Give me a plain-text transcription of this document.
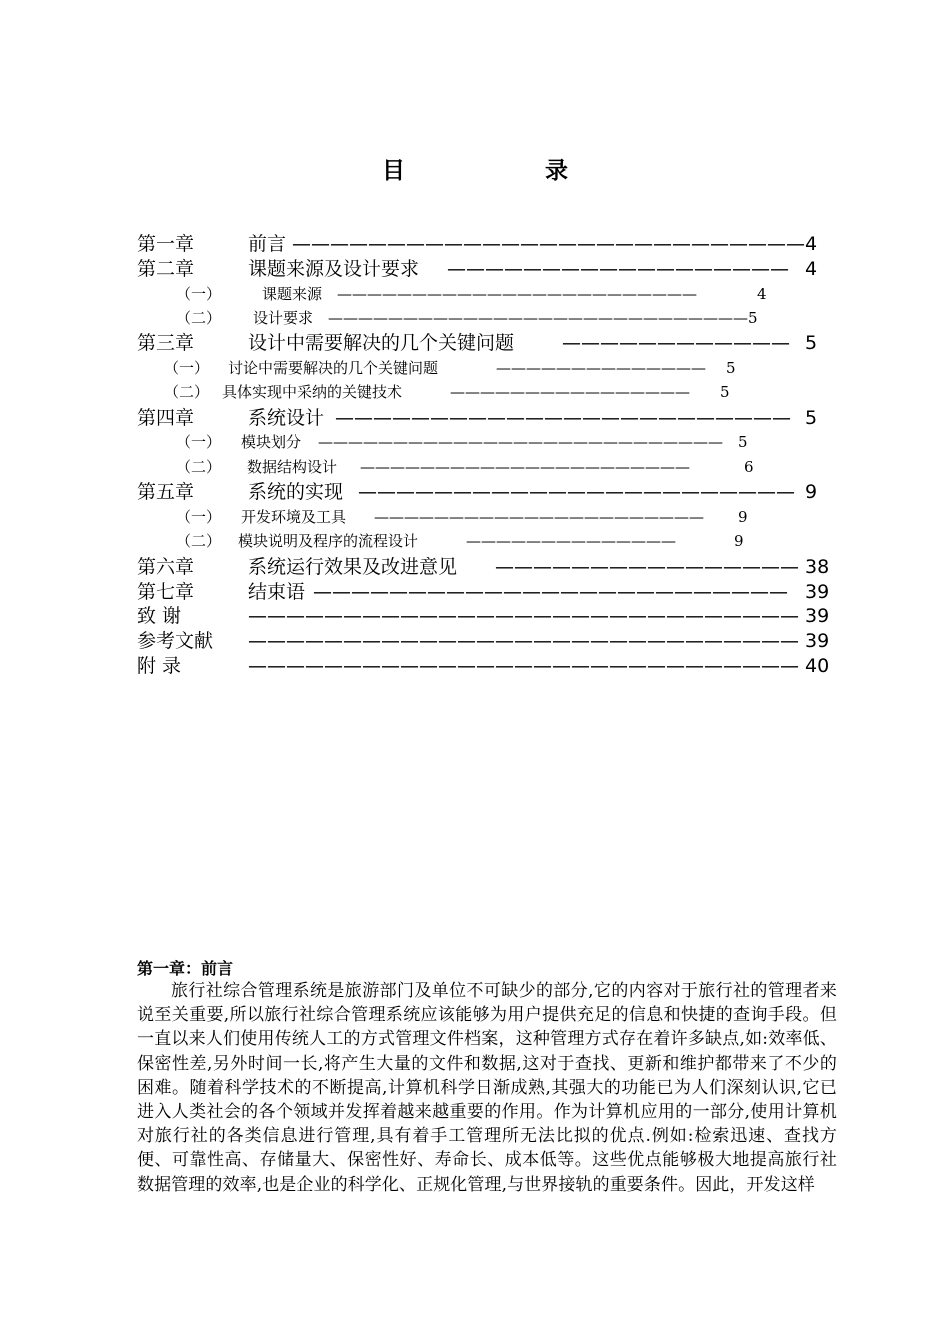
目 录
第一章	前言 ——————————————————————————— 4
第二章	课题来源及设计要求 —————————————————— 4
（一）	课题来源 ————————————————————————	4
（二） 设计要求 ———————————————————————————— 5
第三章	设计中需要解决的几个关键问题	———————————— 5
（一） 讨论中需要解决的几个关键问题	—————————————— 5
（二） 具体实现中采纳的关键技术	———————————————— 5
第四章	系统设计 ———————————————————————— 5
（一） 模块划分 ——————————————————————————— 5
（二） 数据结构设计 ——————————————————————	6
第五章	系统的实现 ——————————————————————— 9
（一） 开发环境及工具 —————————————————————— 9
（二） 模块说明及程序的流程设计	——————————————	9
第六章	系统运行效果及改进意见 ———————————————— 38
第七章	结束语 ————————————————————————— 39
致 谢	————————————————————————————— 39
参考文献 ————————————————————————————— 39
附 录	————————————————————————————— 40
第一章：前言
旅行社综合管理系统是旅游部门及单位不可缺少的部分,它的内容对于旅行社的管理者来说至关重要,所以旅行社综合管理系统应该能够为用户提供充足的信息和快捷的查询手段。但一直以来人们使用传统人工的方式管理文件档案，这种管理方式存在着许多缺点,如:效率低、保密性差,另外时间一长,将产生大量的文件和数据,这对于查找、更新和维护都带来了不少的困难。随着科学技术的不断提高,计算机科学日渐成熟,其强大的功能已为人们深刻认识,它已进入人类社会的各个领域并发挥着越来越重要的作用。作为计算机应用的一部分,使用计算机对旅行社的各类信息进行管理,具有着手工管理所无法比拟的优点.例如:检索迅速、查找方便、可靠性高、存储量大、保密性好、寿命长、成本低等。这些优点能够极大地提高旅行社数据管理的效率,也是企业的科学化、正规化管理,与世界接轨的重要条件。因此，开发这样
